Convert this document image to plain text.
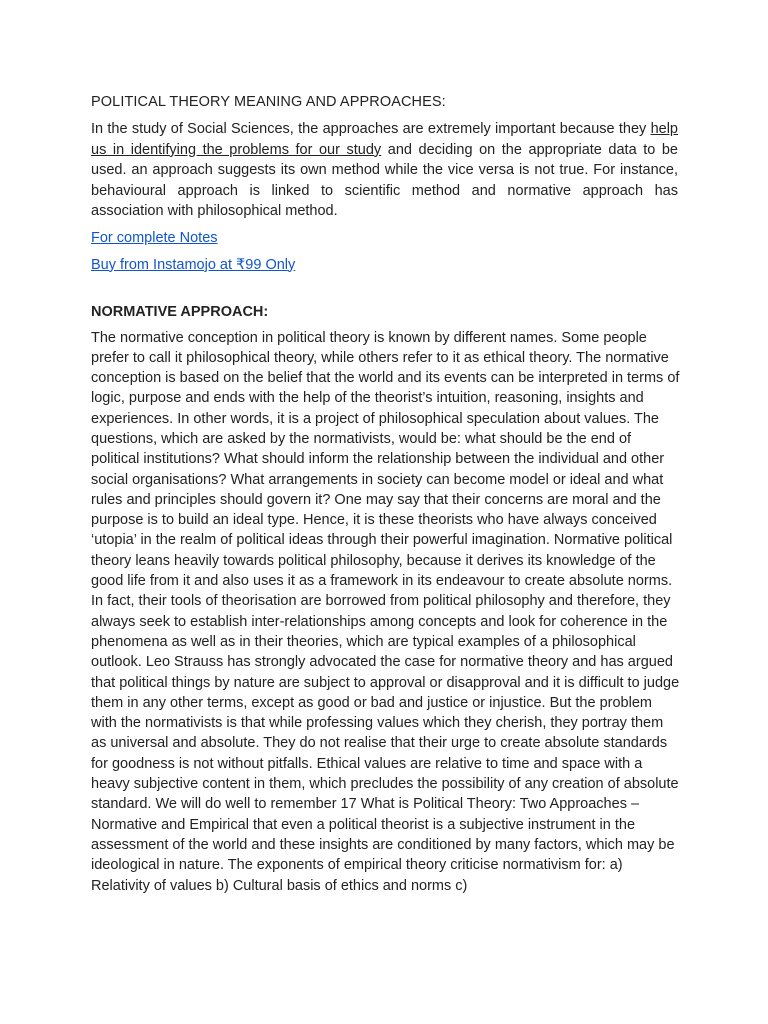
POLITICAL THEORY MEANING AND APPROACHES:

In the study of Social Sciences, the approaches are extremely important because they help us in identifying the problems for our study and deciding on the appropriate data to be used. an approach suggests its own method while the vice versa is not true. For instance, behavioural approach is linked to scientific method and normative approach has association with philosophical method.

For complete Notes
Buy from Instamojo at ₹99 Only
NORMATIVE APPROACH:

The normative conception in political theory is known by different names. Some people prefer to call it philosophical theory, while others refer to it as ethical theory. The normative conception is based on the belief that the world and its events can be interpreted in terms of logic, purpose and ends with the help of the theorist’s intuition, reasoning, insights and experiences. In other words, it is a project of philosophical speculation about values. The questions, which are asked by the normativists, would be: what should be the end of political institutions? What should inform the relationship between the individual and other social organisations? What arrangements in society can become model or ideal and what rules and principles should govern it? One may say that their concerns are moral and the purpose is to build an ideal type. Hence, it is these theorists who have always conceived ‘utopia’ in the realm of political ideas through their powerful imagination. Normative political theory leans heavily towards political philosophy, because it derives its knowledge of the good life from it and also uses it as a framework in its endeavour to create absolute norms. In fact, their tools of theorisation are borrowed from political philosophy and therefore, they always seek to establish inter-relationships among concepts and look for coherence in the phenomena as well as in their theories, which are typical examples of a philosophical outlook. Leo Strauss has strongly advocated the case for normative theory and has argued that political things by nature are subject to approval or disapproval and it is difficult to judge them in any other terms, except as good or bad and justice or injustice. But the problem with the normativists is that while professing values which they cherish, they portray them as universal and absolute. They do not realise that their urge to create absolute standards for goodness is not without pitfalls. Ethical values are relative to time and space with a heavy subjective content in them, which precludes the possibility of any creation of absolute standard. We will do well to remember 17 What is Political Theory: Two Approaches – Normative and Empirical that even a political theorist is a subjective instrument in the assessment of the world and these insights are conditioned by many factors, which may be ideological in nature. The exponents of empirical theory criticise normativism for: a) Relativity of values b) Cultural basis of ethics and norms c)
